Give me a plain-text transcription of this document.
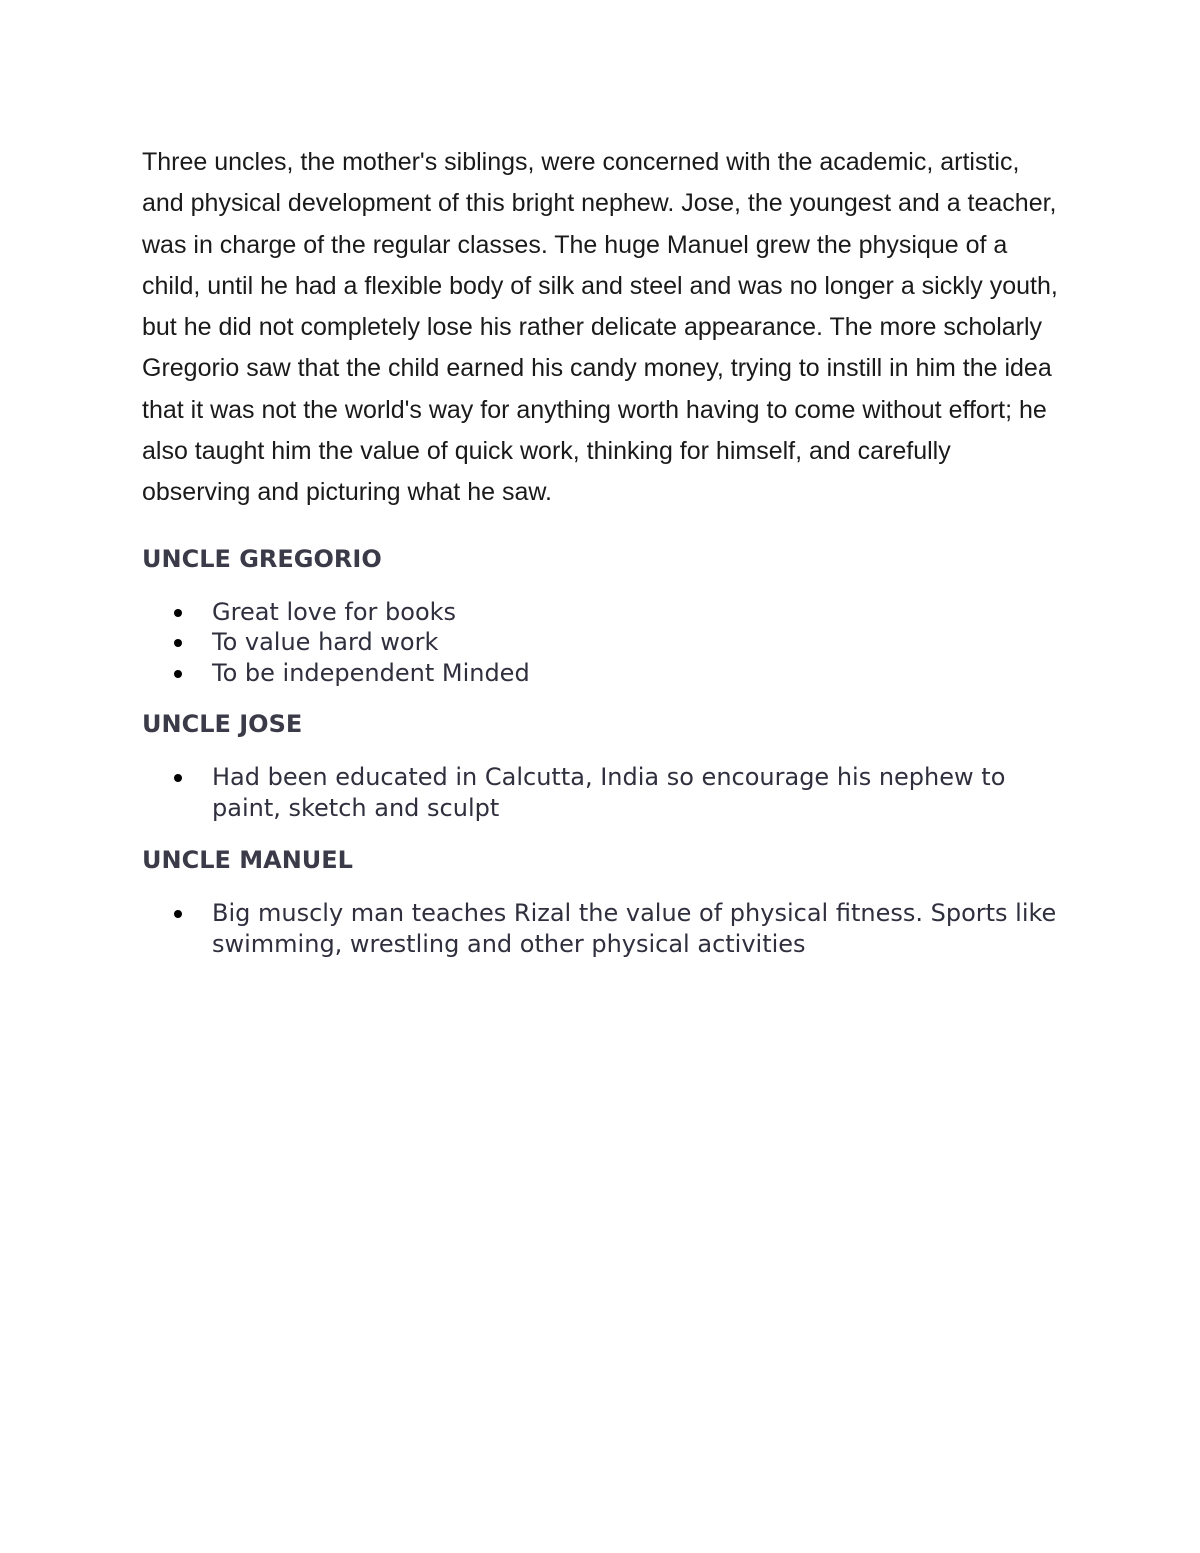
Three uncles, the mother's siblings, were concerned with the academic, artistic, and physical development of this bright nephew. Jose, the youngest and a teacher, was in charge of the regular classes. The huge Manuel grew the physique of a child, until he had a flexible body of silk and steel and was no longer a sickly youth, but he did not completely lose his rather delicate appearance. The more scholarly Gregorio saw that the child earned his candy money, trying to instill in him the idea that it was not the world's way for anything worth having to come without effort; he also taught him the value of quick work, thinking for himself, and carefully observing and picturing what he saw.

UNCLE GREGORIO
Great love for books
To value hard work
To be independent Minded
UNCLE JOSE
Had been educated in Calcutta, India so encourage his nephew to paint, sketch and sculpt
UNCLE MANUEL
Big muscly man teaches Rizal the value of physical fitness. Sports like swimming, wrestling and other physical activities
